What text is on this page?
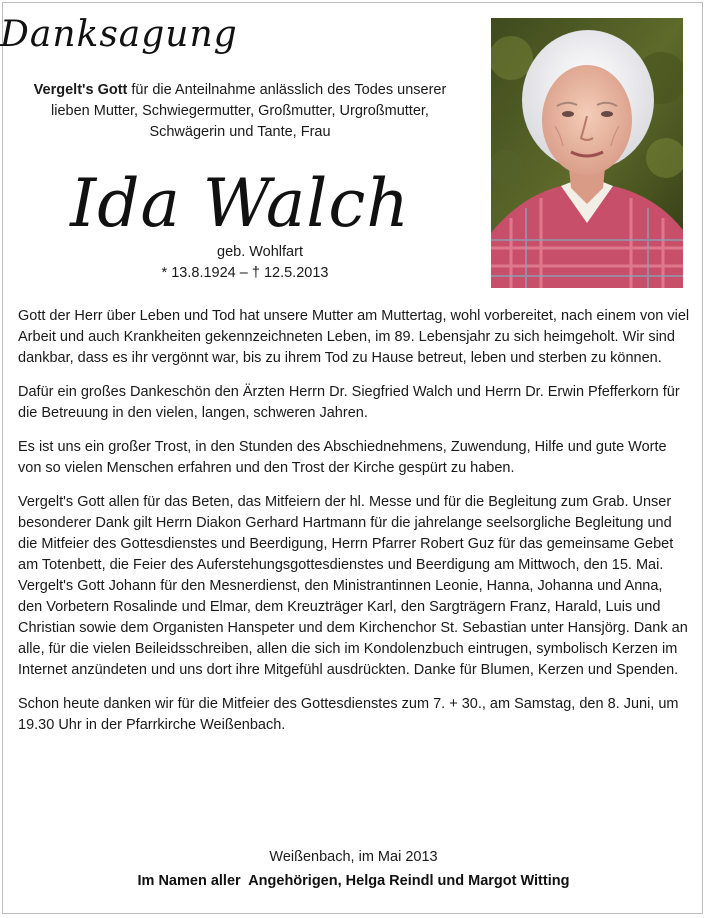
Danksagung
Vergelt's Gott für die Anteilnahme anlässlich des Todes unserer lieben Mutter, Schwiegermutter, Großmutter, Urgroßmutter, Schwägerin und Tante, Frau
Ida Walch
geb. Wohlfart
* 13.8.1924 – † 12.5.2013

Gott der Herr über Leben und Tod hat unsere Mutter am Muttertag, wohl vorbereitet, nach einem von viel Arbeit und auch Krankheiten gekennzeichneten Leben, im 89. Lebensjahr zu sich heimgeholt. Wir sind dankbar, dass es ihr vergönnt war, bis zu ihrem Tod zu Hause betreut, leben und sterben zu können.

Dafür ein großes Dankeschön den Ärzten Herrn Dr. Siegfried Walch und Herrn Dr. Erwin Pfefferkorn für die Betreuung in den vielen, langen, schweren Jahren.

Es ist uns ein großer Trost, in den Stunden des Abschiednehmens, Zuwendung, Hilfe und gute Worte von so vielen Menschen erfahren und den Trost der Kirche gespürt zu haben.

Vergelt's Gott allen für das Beten, das Mitfeiern der hl. Messe und für die Begleitung zum Grab. Unser besonderer Dank gilt Herrn Diakon Gerhard Hartmann für die jahrelange seelsorgliche Begleitung und die Mitfeier des Gottesdienstes und Beerdigung, Herrn Pfarrer Robert Guz für das gemeinsame Gebet am Totenbett, die Feier des Auferstehungsgottesdienstes und Beerdigung am Mittwoch, den 15. Mai. Vergelt's Gott Johann für den Mesnerdienst, den Ministrantinnen Leonie, Hanna, Johanna und Anna, den Vorbetern Rosalinde und Elmar, dem Kreuzträger Karl, den Sargträgern Franz, Harald, Luis und Christian sowie dem Organisten Hanspeter und dem Kirchenchor St. Sebastian unter Hansjörg. Dank an alle, für die vielen Beileidsschreiben, allen die sich im Kondolenzbuch eintrugen, symbolisch Kerzen im Internet anzündeten und uns dort ihre Mitgefühl ausdrückten. Danke für Blumen, Kerzen und Spenden.

Schon heute danken wir für die Mitfeier des Gottesdienstes zum 7. + 30., am Samstag, den 8. Juni, um 19.30 Uhr in der Pfarrkirche Weißenbach.

Weißenbach, im Mai 2013
Im Namen aller  Angehörigen, Helga Reindl und Margot Witting
